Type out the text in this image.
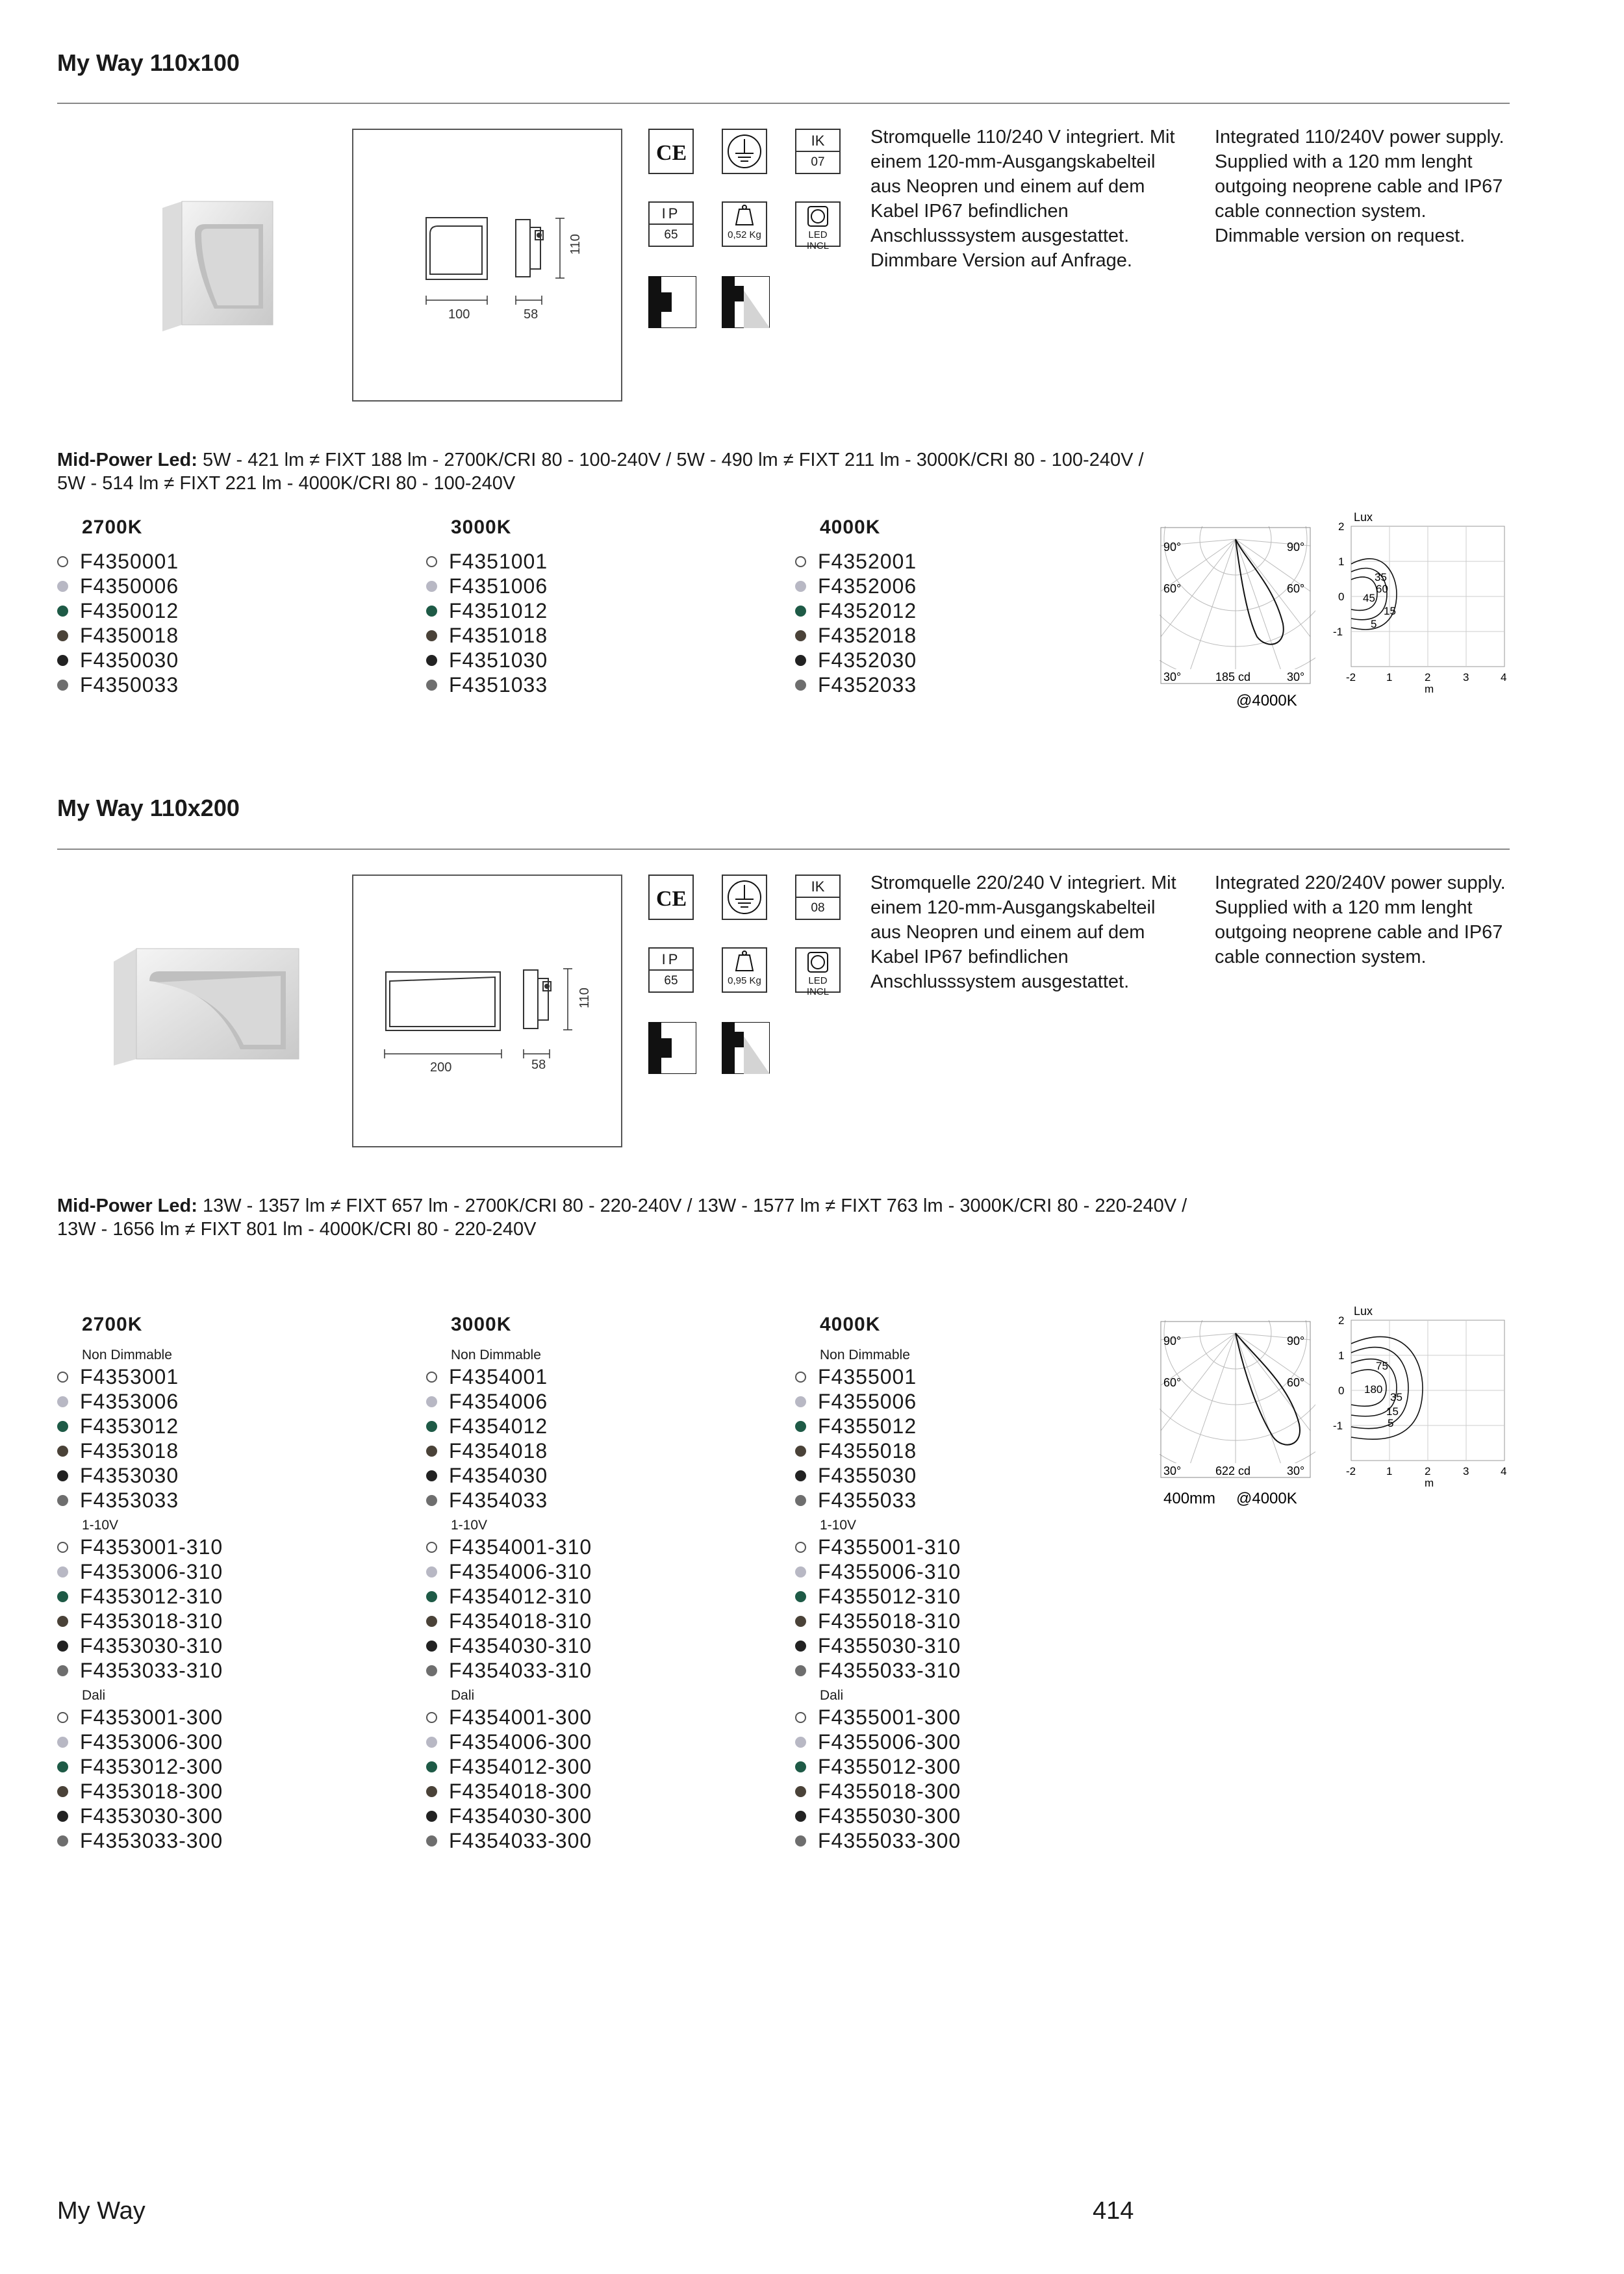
My Way 110x100
100	58
110
CE
IK
07
IP
65	0,52 Kg	LED INCL
Stromquelle 110/240 V integriert. Mit einem 120-mm-Ausgangskabelteil aus Neopren und einem auf dem Kabel IP67 befindlichen Anschlusssystem ausgestattet.
Dimmbare Version auf Anfrage.
Integrated 110/240V power supply. Supplied with a 120 mm lenght outgoing neoprene cable and IP67 cable connection system.
Dimmable version on request.
Mid-Power Led: 5W - 421 lm ≠ FIXT 188 lm - 2700K/CRI 80 - 100-240V / 5W - 490 lm ≠ FIXT 211 lm - 3000K/CRI 80 - 100-240V /
5W - 514 lm ≠ FIXT 221 lm - 4000K/CRI 80 - 100-240V
2700K
F4350001
F4350006
F4350012
F4350018
F4350030
F4350033
3000K
F4351001
F4351006
F4351012
F4351018
F4351030
F4351033
4000K
F4352001
F4352006
F4352012
F4352018
F4352030
F4352033
90°	90°
60°	60°
30°	30°
185 cd
@4000K
Lux
2
1
0
-1
-2	1	2	3	4
m
35
60
45
15
5
My Way 110x200
200	58
110
CE
IK
08
IP
65	0,95 Kg	LED INCL
Stromquelle 220/240 V integriert. Mit einem 120-mm-Ausgangskabelteil aus Neopren und einem auf dem Kabel IP67 befindlichen Anschlusssystem ausgestattet.
Integrated 220/240V power supply. Supplied with a 120 mm lenght outgoing neoprene cable and IP67 cable connection system.
Mid-Power Led: 13W - 1357 lm ≠ FIXT 657 lm - 2700K/CRI 80 - 220-240V / 13W - 1577 lm ≠ FIXT 763 lm - 3000K/CRI 80 - 220-240V /
13W - 1656 lm ≠ FIXT 801 lm - 4000K/CRI 80 - 220-240V
2700K
Non Dimmable
F4353001
F4353006
F4353012
F4353018
F4353030
F4353033
1-10V
F4353001-310
F4353006-310
F4353012-310
F4353018-310
F4353030-310
F4353033-310
Dali
F4353001-300
F4353006-300
F4353012-300
F4353018-300
F4353030-300
F4353033-300
3000K
Non Dimmable
F4354001
F4354006
F4354012
F4354018
F4354030
F4354033
1-10V
F4354001-310
F4354006-310
F4354012-310
F4354018-310
F4354030-310
F4354033-310
Dali
F4354001-300
F4354006-300
F4354012-300
F4354018-300
F4354030-300
F4354033-300
4000K
Non Dimmable
F4355001
F4355006
F4355012
F4355018
F4355030
F4355033
1-10V
F4355001-310
F4355006-310
F4355012-310
F4355018-310
F4355030-310
F4355033-310
Dali
F4355001-300
F4355006-300
F4355012-300
F4355018-300
F4355030-300
F4355033-300
90°	90°
60°	60°
30°	30°
622 cd
400mm @4000K
Lux
2
1
0
-1
-2	1	2	3	4
m
75
180
35
15
5
My Way	414
